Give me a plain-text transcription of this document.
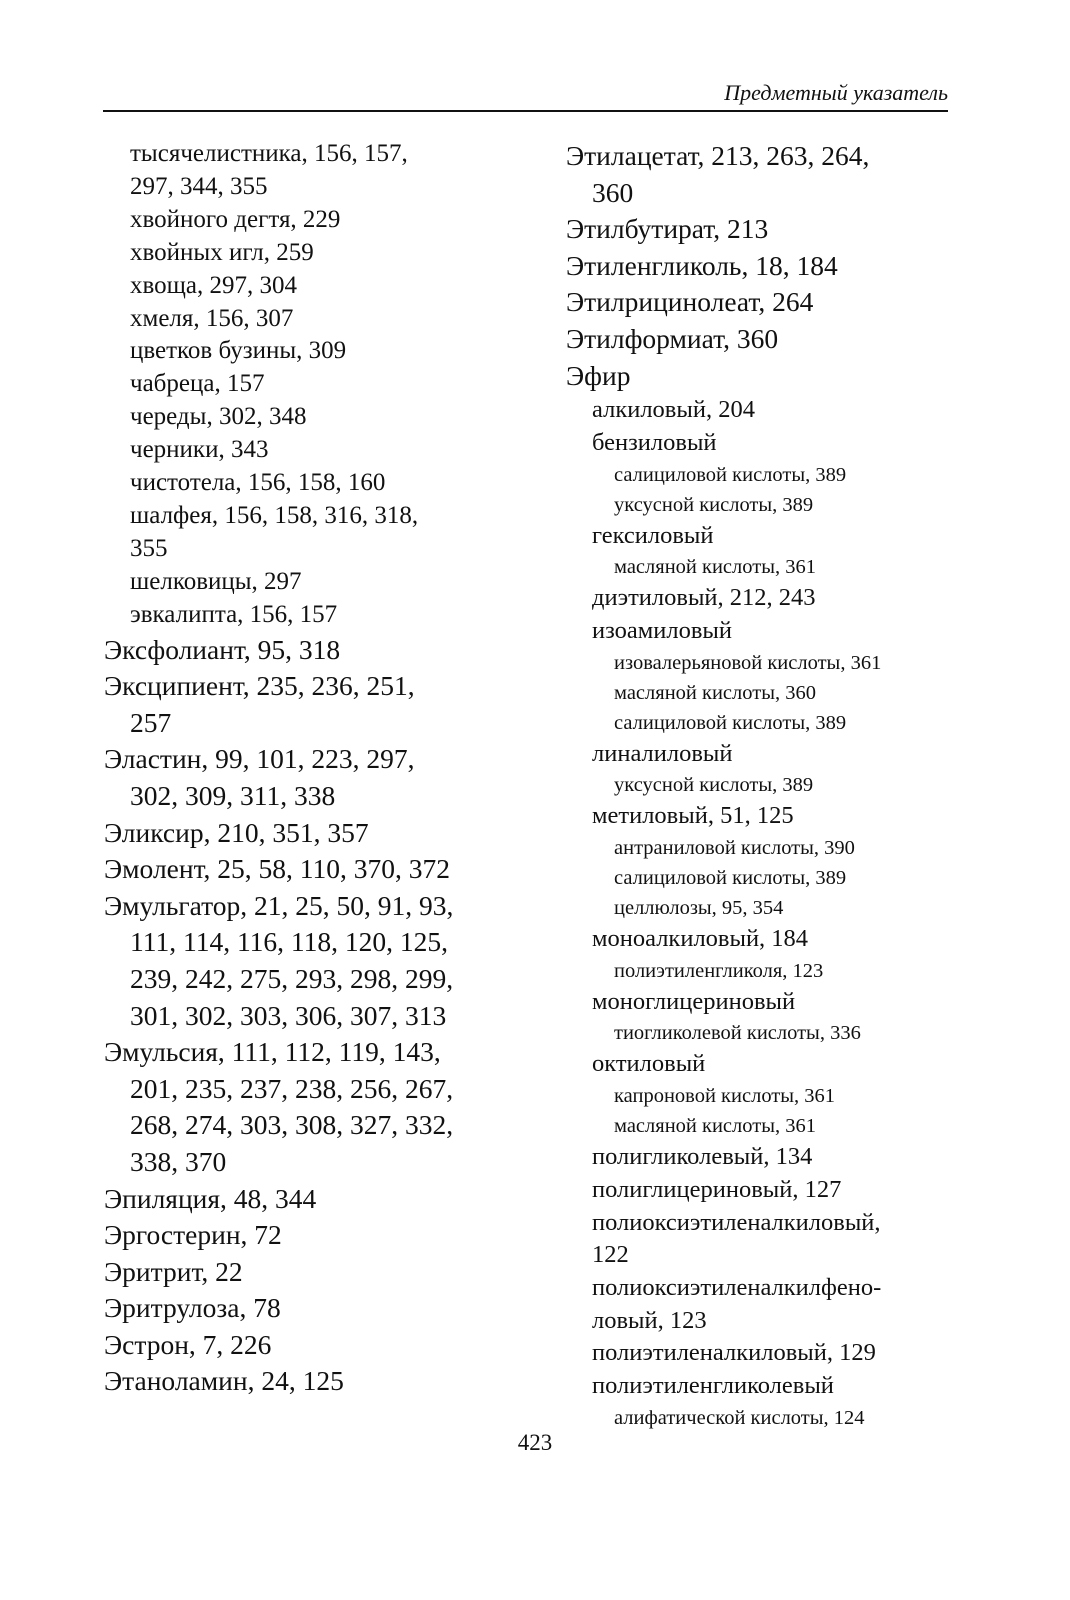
Предметный указатель
тысячелистника, 156, 157,
297, 344, 355
хвойного дегтя, 229
хвойных игл, 259
хвоща, 297, 304
хмеля, 156, 307
цветков бузины, 309
чабреца, 157
череды, 302, 348
черники, 343
чистотела, 156, 158, 160
шалфея, 156, 158, 316, 318,
355
шелковицы, 297
эвкалипта, 156, 157
Эксфолиант, 95, 318
Эксципиент, 235, 236, 251,
257
Эластин, 99, 101, 223, 297,
302, 309, 311, 338
Эликсир, 210, 351, 357
Эмолент, 25, 58, 110, 370, 372
Эмульгатор, 21, 25, 50, 91, 93,
111, 114, 116, 118, 120, 125,
239, 242, 275, 293, 298, 299,
301, 302, 303, 306, 307, 313
Эмульсия, 111, 112, 119, 143,
201, 235, 237, 238, 256, 267,
268, 274, 303, 308, 327, 332,
338, 370
Эпиляция, 48, 344
Эргостерин, 72
Эритрит, 22
Эритрулоза, 78
Эстрон, 7, 226
Этаноламин, 24, 125
Этилацетат, 213, 263, 264,
360
Этилбутират, 213
Этиленгликоль, 18, 184
Этилрицинолеат, 264
Этилформиат, 360
Эфир
алкиловый, 204
бензиловый
салициловой кислоты, 389
уксусной кислоты, 389
гексиловый
масляной кислоты, 361
диэтиловый, 212, 243
изоамиловый
изовалерьяновой кислоты, 361
масляной кислоты, 360
салициловой кислоты, 389
линалиловый
уксусной кислоты, 389
метиловый, 51, 125
антраниловой кислоты, 390
салициловой кислоты, 389
целлюлозы, 95, 354
моноалкиловый, 184
полиэтиленгликоля, 123
моноглицериновый
тиогликолевой кислоты, 336
октиловый
капроновой кислоты, 361
масляной кислоты, 361
полигликолевый, 134
полиглицериновый, 127
полиоксиэтиленалкиловый,
122
полиоксиэтиленалкилфено-
ловый, 123
полиэтиленалкиловый, 129
полиэтиленгликолевый
алифатической кислоты, 124
423
